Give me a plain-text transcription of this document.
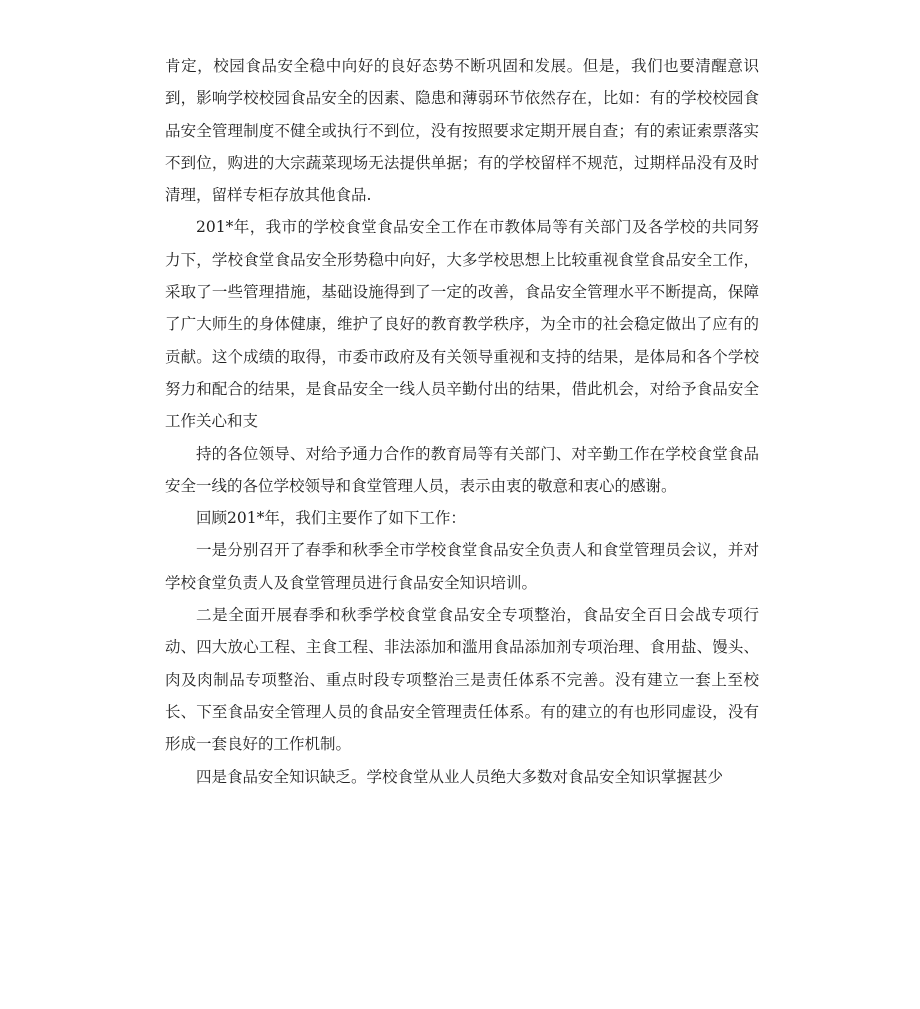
肯定，校园食品安全稳中向好的良好态势不断巩固和发展。但是，我们也要清醒意识到，影响学校校园食品安全的因素、隐患和薄弱环节依然存在，比如：有的学校校园食品安全管理制度不健全或执行不到位，没有按照要求定期开展自查；有的索证索票落实不到位，购进的大宗蔬菜现场无法提供单据；有的学校留样不规范，过期样品没有及时清理，留样专柜存放其他食品.

201*年，我市的学校食堂食品安全工作在市教体局等有关部门及各学校的共同努力下，学校食堂食品安全形势稳中向好，大多学校思想上比较重视食堂食品安全工作，采取了一些管理措施，基础设施得到了一定的改善，食品安全管理水平不断提高，保障了广大师生的身体健康，维护了良好的教育教学秩序，为全市的社会稳定做出了应有的贡献。这个成绩的取得，市委市政府及有关领导重视和支持的结果，是体局和各个学校努力和配合的结果，是食品安全一线人员辛勤付出的结果，借此机会，对给予食品安全工作关心和支

持的各位领导、对给予通力合作的教育局等有关部门、对辛勤工作在学校食堂食品安全一线的各位学校领导和食堂管理人员，表示由衷的敬意和衷心的感谢。

回顾201*年，我们主要作了如下工作：

一是分别召开了春季和秋季全市学校食堂食品安全负责人和食堂管理员会议，并对学校食堂负责人及食堂管理员进行食品安全知识培训。

二是全面开展春季和秋季学校食堂食品安全专项整治，食品安全百日会战专项行动、四大放心工程、主食工程、非法添加和滥用食品添加剂专项治理、食用盐、馒头、肉及肉制品专项整治、重点时段专项整治三是责任体系不完善。没有建立一套上至校长、下至食品安全管理人员的食品安全管理责任体系。有的建立的有也形同虚设，没有形成一套良好的工作机制。

四是食品安全知识缺乏。学校食堂从业人员绝大多数对食品安全知识掌握甚少
